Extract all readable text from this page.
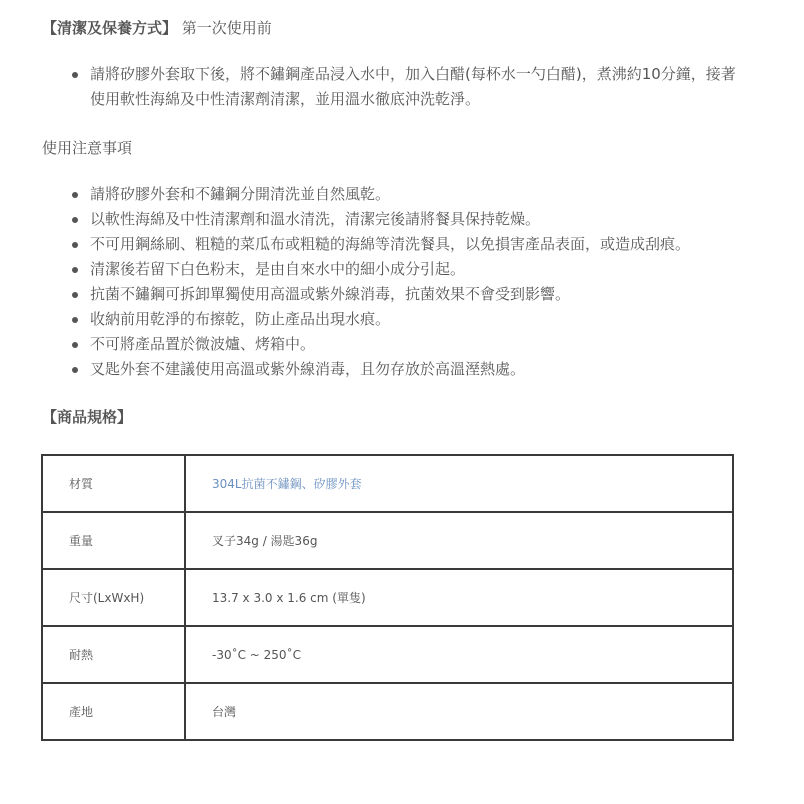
【清潔及保養方式】 第一次使用前
請將矽膠外套取下後，將不鏽鋼產品浸入水中，加入白醋(每杯水一勺白醋)，煮沸約10分鐘，接著使用軟性海綿及中性清潔劑清潔，並用溫水徹底沖洗乾淨。
使用注意事項
請將矽膠外套和不鏽鋼分開清洗並自然風乾。
以軟性海綿及中性清潔劑和溫水清洗，清潔完後請將餐具保持乾燥。
不可用鋼絲刷、粗糙的菜瓜布或粗糙的海綿等清洗餐具，以免損害產品表面，或造成刮痕。
清潔後若留下白色粉末，是由自來水中的細小成分引起。
抗菌不鏽鋼可拆卸單獨使用高溫或紫外線消毒，抗菌效果不會受到影響。
收納前用乾淨的布擦乾，防止產品出現水痕。
不可將產品置於微波爐、烤箱中。
叉匙外套不建議使用高溫或紫外線消毒，且勿存放於高溫溼熱處。
【商品規格】
材質	304L抗菌不鏽鋼、矽膠外套
重量	叉子34g / 湯匙36g
尺寸(LxWxH)	13.7 x 3.0 x 1.6 cm (單隻)
耐熱	-30˚C ~ 250˚C
產地	台灣
